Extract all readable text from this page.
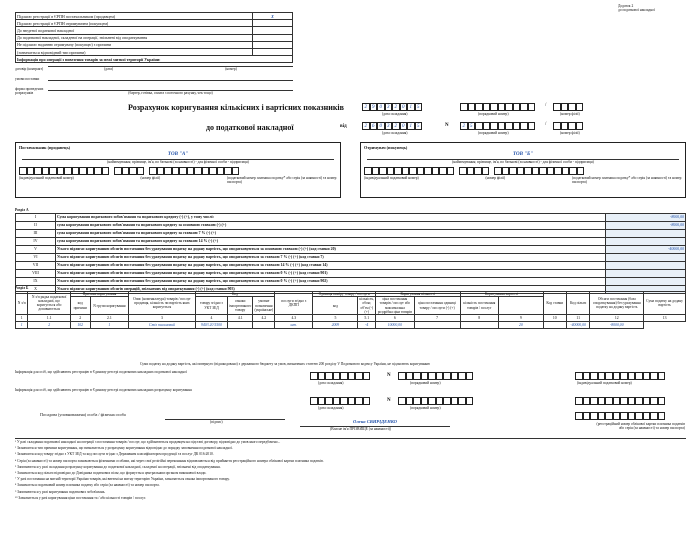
Додаток 2
до податкової накладної
Підлягає реєстрації в ЄРПН постачальником (продавцем)	Х
Підлягає реєстрації в ЄРПН отримувачем (покупцем)	
До зведеної податкової накладної	
До податкової накладної, складеної на операції, звільнені від оподаткування	
Не підлягає наданню отримувачу (покупцю) з причини	
(зазначається відповідний тип причини)	
Інформація про операції з вивезення товарів за межі митної території України:	
договір (контракт)	(дата)	(номер)
умови поставки
форма проведених розрахунків	(бартер, готівка, оплата з поточного рахунку, чек тощо)
Розрахунок коригування кількісних і вартісних показників
до податкової накладної	від
2	9	0	3	2	0	1	5
(дата складання)	(порядковий номер)
/
(номер філії)
2	6	0	3	2	0	1	5
(дата складання)
N	2	5
(порядковий номер)
/
(номер філії)
Постачальник (продавець)
ТОВ "А"
(найменування; прізвище, ім'я, по батькові (за наявності) - для фізичної особи - підприємця)
(індивідуальний податковий номер)	(номер філії)	(податковий номер платника податку* або серія (за наявності) та номер паспорта)
Отримувач (покупець)
ТОВ "Б"
(найменування; прізвище, ім'я, по батькові (за наявності) - для фізичної особи - підприємця)
(індивідуальний податковий номер)	(номер філії)	(податковий номер платника податку* або серія (за наявності) та номер паспорта)
Розділ А
I	Сума коригування податкового зобов'язання та податкового кредиту (-) (+), у тому числі:	-8000,00
II	сума коригування податкового зобов'язання та податкового кредиту за основною ставкою (-) (+)	-8000,00
III	сума коригування податкового зобов'язання та податкового кредиту за ставкою 7 % (-) (+)	
IV	сума коригування податкового зобов'язання та податкового кредиту за ставкою 14 % (-) (+)	
V	Усього підлягає коригуванню обсягів постачання без урахування податку на додану вартість, що оподатковуються за основною ставкою (-) (+) (код ставки 20)	-40000,00
VI	Усього підлягає коригуванню обсягів постачання без урахування податку на додану вартість, що оподатковуються за ставкою 7 % (-) (+) (код ставки 7)	
VII	Усього підлягає коригуванню обсягів постачання без урахування податку на додану вартість, що оподатковуються за ставкою 14 % (-) (+) (код ставки 14)	
VIII	Усього підлягає коригуванню обсягів постачання без урахування податку на додану вартість, що оподатковуються за ставкою 0 % (-) (+) (код ставки 901)	
IX	Усього підлягає коригуванню обсягів постачання без урахування податку на додану вартість, що оподатковуються за ставкою 0 % (-) (+) (код ставки 902)	
X	Усього підлягає коригуванню обсягів операцій, звільнених від оподаткування (-) (+) (код ставки 903)	
Розділ Б
N з/п	N з/п рядка податкової накладної, що коригується або доповнюється	Причина коригування		Опис (номенклатура) товарів / послуг продавця, кількість чи вартість яких коригується	Код			послуги згідно з ДКПП	Одиниця виміру товару / послуги		Коригування кількості		Коригування вартості		Код ставки	Код пільги	Обсяги постачання (база оподаткування) без урахування податку на додану вартість	Сума податку на додану вартість
		код причини	N групи коригування		товару згідно з УКТ ЗЕД	ознаки імпортованого товару	умовне позначення (українське)		код	кількість, обсяг, об'єм (-) (+)	ціна постачання товарів / послуг або максимальна роздрібна ціна товарів	ціна постачання одиниці товару / послуги (-) (+)	кількість постачання товарів / послуг					

1	1.1	2	2.1	3	4	4.1	4.2	4.3	5	5.1	6	7	8	9	10	11	12	13
1	2	102	1	Стіл письмовий	9403 20 5500			шт.	2009	-4	10000,00			20		-40000,00	-8000,00	
Суми податку на додану вартість, які повернуто (відшкодовано) з державного бюджету за умов, визначених статтею 200 розділу V Податкового кодексу України, не підлягають коригуванню
Інформація для осіб, що здійснюють реєстрацію в Єдиному реєстрі податкових накладних податкової накладної
(дата складання)
N
(порядковий номер)	(індивідуальний податковий номер)
Інформація для осіб, що здійснюють реєстрацію в Єдиному реєстрі податкових накладних розрахунку коригування
(дата складання)
N
(порядковий номер)
Посадова (уповноважена) особа / фізична особа
(підпис)	Олена СВИРІДЕНКО
(Власне ім'я ПРІЗВИЩЕ (за наявності))
(реєстраційний номер облікової картки платника податків
або серія (за наявності) та номер паспорта)
¹ У разі складання податкової накладної на операції з постачання товарів / послуг, що здійснюються продавцем на підставі договору, відповідно до умов якого передбачено...
² Зазначається тип причини коригування, що визначається у розрахунку коригування відповідно до порядку заповнення податкової накладної.
³ Зазначається код товару згідно з УКТ ЗЕД та код послуги згідно з Державним класифікатором продукції та послуг ДК 016:2010.
⁴ Серія (за наявності) та номер паспорта зазначаються фізичними особами, які через свої релігійні переконання відмовляються від прийняття реєстраційного номера облікової картки платника податків.
⁵ Заповнюється у разі складання розрахунку коригування до податкової накладної, складеної на операції, звільнені від оподаткування.
⁶ Зазначається код пільги відповідно до Довідника податкових пільг, що формується центральним органом виконавчої влади.
⁷ У разі постачання на митній території України товарів, які ввезені на митну територію України, зазначається ознака імпортованого товару.
⁸ Зазначається податковий номер платника податку або серія (за наявності) та номер паспорта.
⁹ Заповнюється у разі коригування податкових зобов'язань.
¹⁰ Зазначається у разі коригування ціни постачання та / або кількості товарів / послуг.
